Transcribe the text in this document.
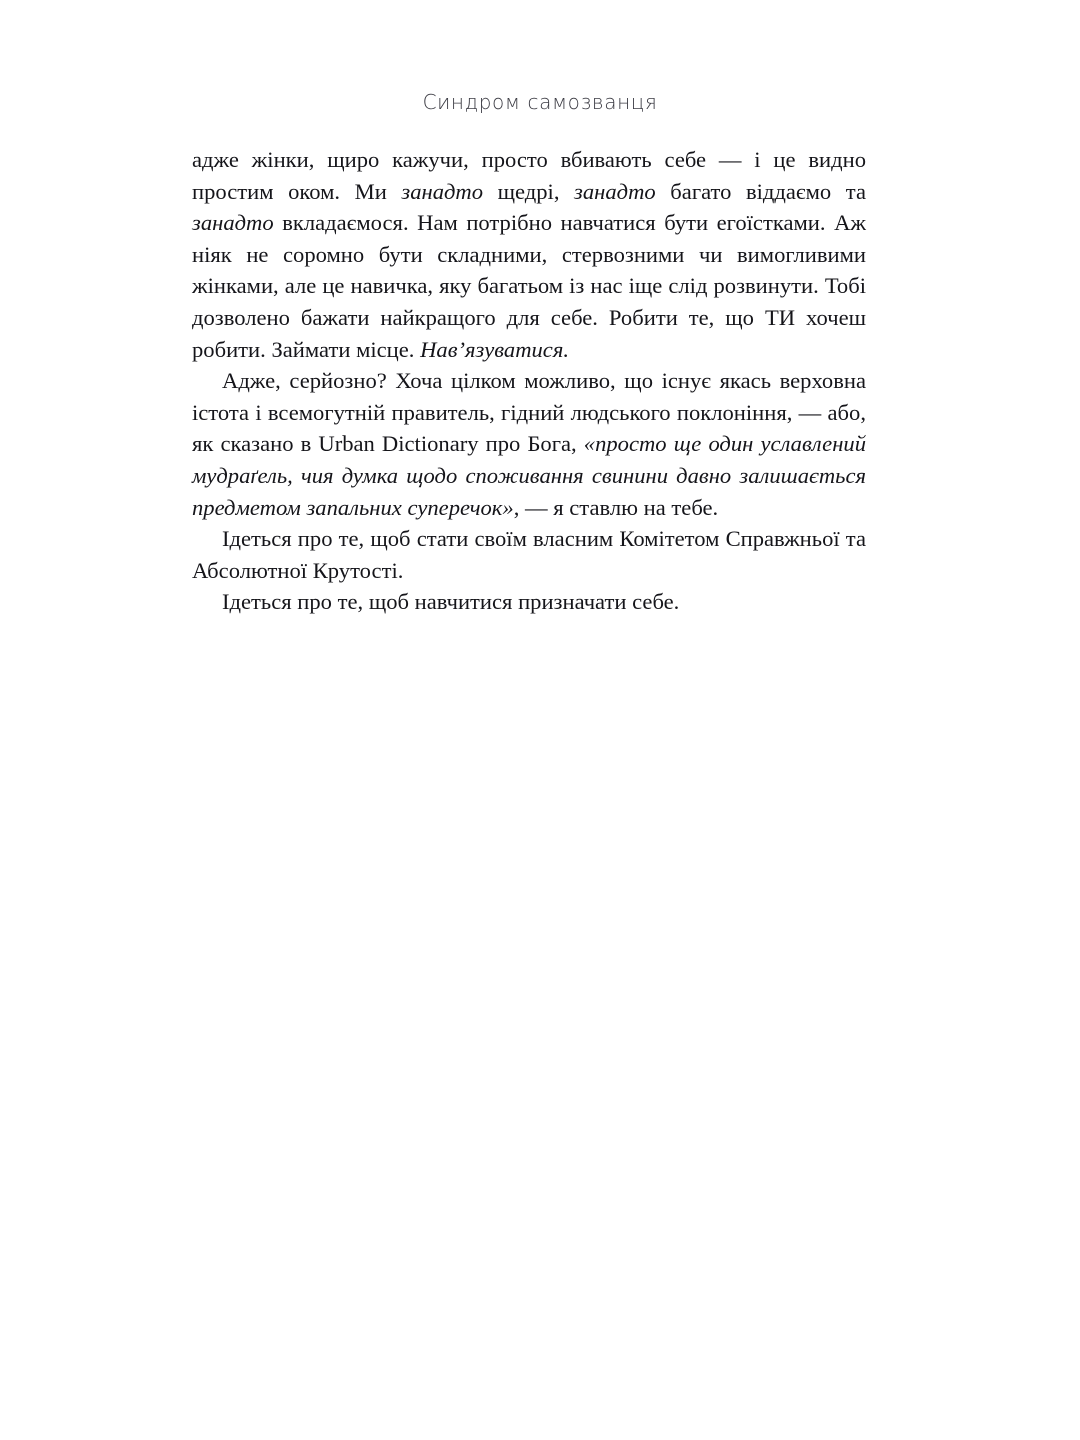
Синдром самозванця

адже жінки, щиро кажучи, просто вбивають себе — і це видно простим оком. Ми занадто щедрі, занадто багато віддаємо та занадто вкладаємося. Нам потрібно навчатися бути егоїстками. Аж ніяк не соромно бути складними, стервозними чи вимогливими жінками, але це навичка, яку багатьом із нас іще слід розвинути. Тобі дозволено бажати найкращого для себе. Робити те, що ТИ хочеш робити. Займати місце. Нав’язуватися.

Адже, серйозно? Хоча цілком можливо, що існує якась верховна істота і всемогутній правитель, гідний людського поклоніння, — або, як сказано в Urban Dictionary про Бога, «просто ще один уславлений мудраґель, чия думка щодо споживання свинини давно залишається предметом запальних суперечок», — я ставлю на тебе.

Ідеться про те, щоб стати своїм власним Комітетом Справжньої та Абсолютної Крутості.

Ідеться про те, щоб навчитися призначати себе.
